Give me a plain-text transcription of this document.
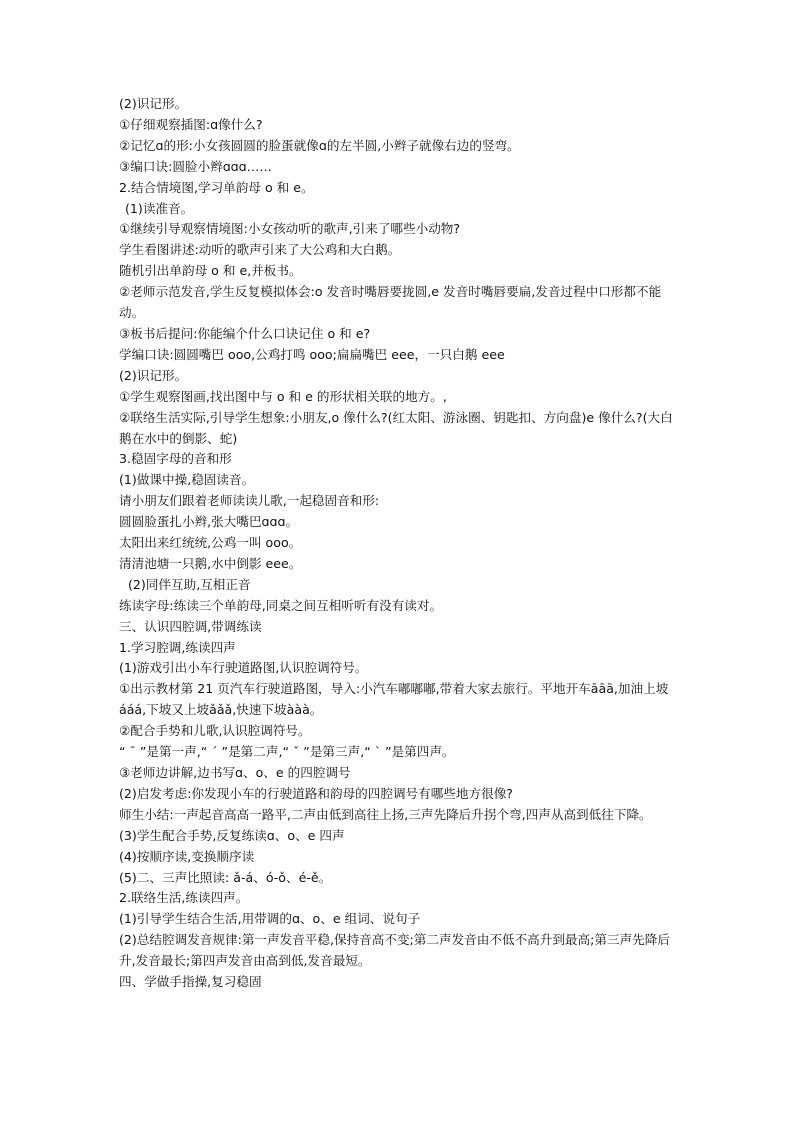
(2)识记形。
①仔细观察插图:ɑ像什么?
②记忆ɑ的形:小女孩圆圆的脸蛋就像ɑ的左半圆,小辫子就像右边的竖弯。
③编口诀:圆脸小辫ɑɑɑ……
2.结合情境图,学习单韵母 o 和 e。
(1)读准音。
①继续引导观察情境图:小女孩动听的歌声,引来了哪些小动物?
学生看图讲述:动听的歌声引来了大公鸡和大白鹅。
随机引出单韵母 o 和 e,并板书。
②老师示范发音,学生反复模拟体会:o 发音时嘴唇要拢圆,e 发音时嘴唇要扁,发音过程中口形都不能动。
③板书后提问:你能编个什么口诀记住 o 和 e?
学编口诀:圆圆嘴巴 ooo,公鸡打鸣 ooo;扁扁嘴巴 eee，一只白鹅 eee
(2)识记形。
①学生观察图画,找出图中与 o 和 e 的形状相关联的地方。,
②联络生活实际,引导学生想象:小朋友,o 像什么?(红太阳、游泳圈、钥匙扣、方向盘)e 像什么?(大白鹅在水中的倒影、蛇)
3.稳固字母的音和形
(1)做课中操,稳固读音。
请小朋友们跟着老师读读儿歌,一起稳固音和形:
圆圆脸蛋扎小辫,张大嘴巴ɑɑɑ。
太阳出来红统统,公鸡一叫 ooo。
清清池塘一只鹅,水中倒影 eee。
(2)同伴互助,互相正音
练读字母:练读三个单韵母,同桌之间互相听听有没有读对。
三、认识四腔调,带调练读
1.学习腔调,练读四声
(1)游戏引出小车行驶道路图,认识腔调符号。
①出示教材第 21 页汽车行驶道路图，导入:小汽车嘟嘟嘟,带着大家去旅行。平地开车āāā,加油上坡ááá,下坡又上坡ǎǎǎ,快速下坡ààà。
②配合手势和儿歌,认识腔调符号。
“ ˉ ”是第一声,“ ˊ ”是第二声,“ ˇ ”是第三声,“ ˋ ”是第四声。
③老师边讲解,边书写ɑ、o、e 的四腔调号
(2)启发考虑:你发现小车的行驶道路和韵母的四腔调号有哪些地方很像?
师生小结:一声起音高高一路平,二声由低到高往上扬,三声先降后升拐个弯,四声从高到低往下降。
(3)学生配合手势,反复练读ɑ、o、e 四声
(4)按顺序读,变换顺序读
(5)二、三声比照读: ǎ-á、ó-ǒ、é-ě。
2.联络生活,练读四声。
(1)引导学生结合生活,用带调的ɑ、o、e 组词、说句子
(2)总结腔调发音规律:第一声发音平稳,保持音高不变;第二声发音由不低不高升到最高;第三声先降后升,发音最长;第四声发音由高到低,发音最短。
四、学做手指操,复习稳固
